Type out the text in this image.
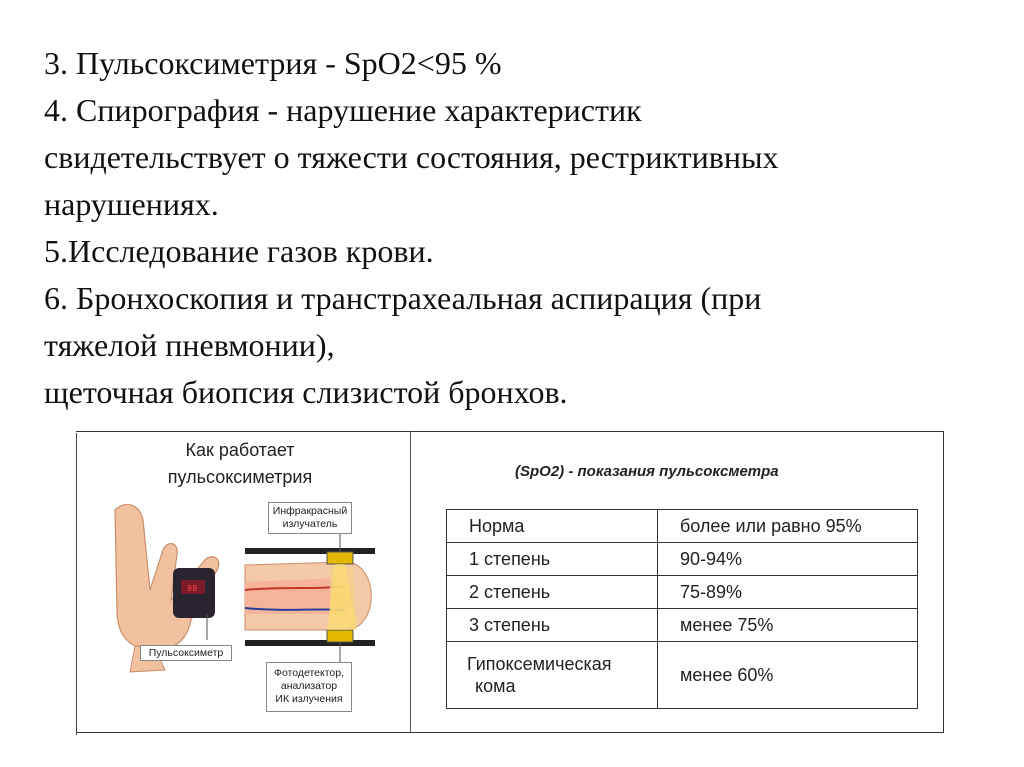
3. Пульсоксиметрия - SpO2<95 %
4. Спирография - нарушение характеристик
свидетельствует о тяжести состояния, рестриктивных
нарушениях.
5.Исследование газов крови.
6. Бронхоскопия и транстрахеальная аспирация (при
тяжелой пневмонии),
щеточная биопсия слизистой бронхов.
Как работает
пульсоксиметрия
98
Инфракрасный
излучатель
Пульсоксиметр
Фотодетектор,
анализатор
ИК излучения
(SpO2) - показания пульсоксметра
Норма	более или равно 95%
1 степень	90-94%
2 степень	75-89%
3 степень	менее 75%

Гипоксемическая
кома	менее 60%
